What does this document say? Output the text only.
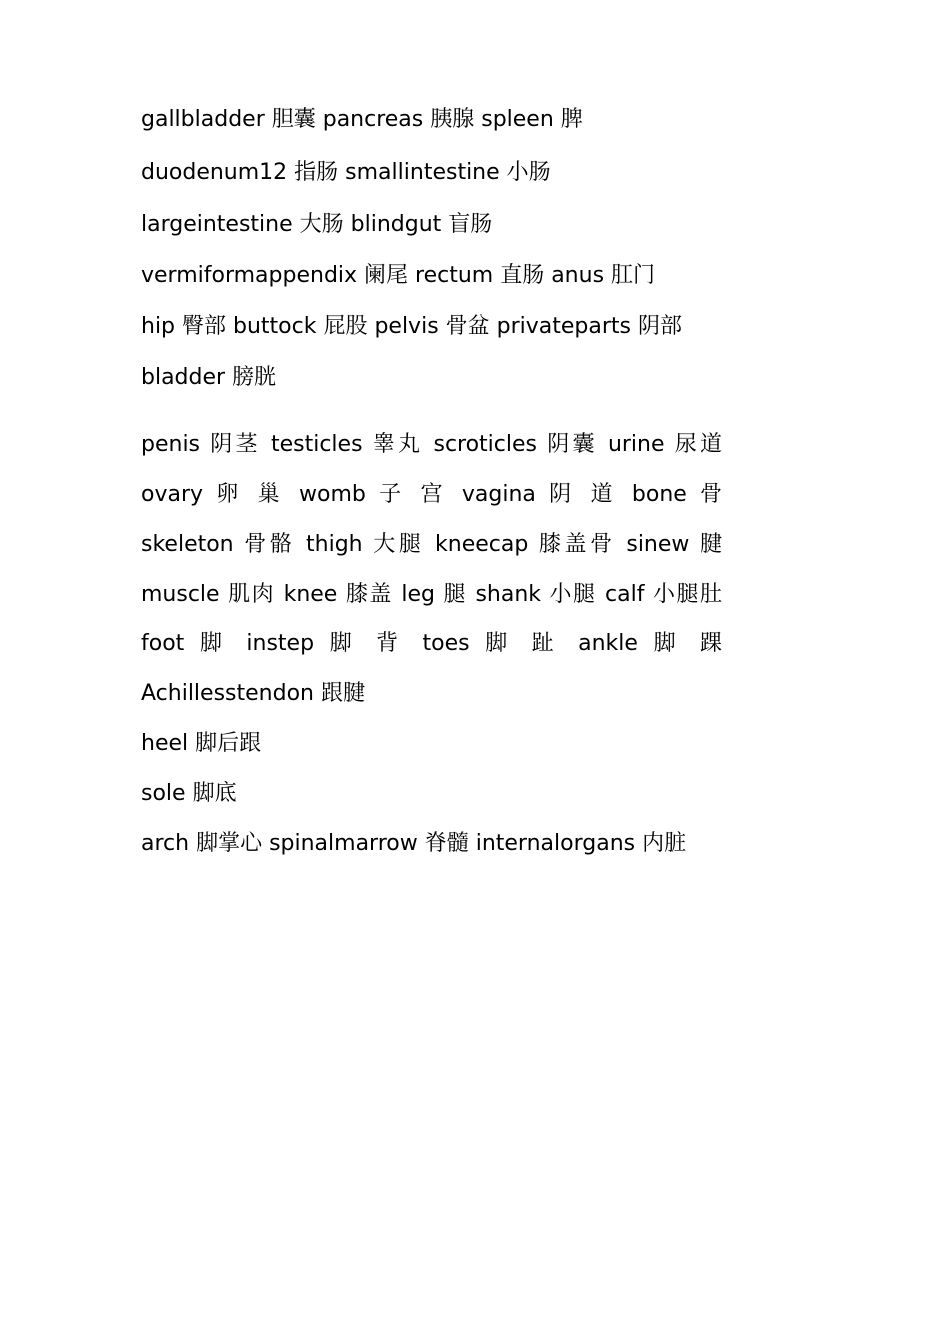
gallbladder 胆囊 pancreas 胰腺 spleen 脾
duodenum12 指肠 smallintestine 小肠
largeintestine 大肠 blindgut 盲肠
vermiformappendix 阑尾 rectum 直肠 anus 肛门
hip 臀部 buttock 屁股 pelvis 骨盆 privateparts 阴部
bladder 膀胱
penis 阴茎 testicles 睾丸 scroticles 阴囊 urine 尿道
ovary 卵 巢 womb 子 宫 vagina 阴 道 bone 骨
skeleton 骨骼 thigh 大腿 kneecap 膝盖骨 sinew 腱
muscle 肌肉 knee 膝盖 leg 腿 shank 小腿 calf 小腿肚
foot 脚 instep 脚 背 toes 脚 趾 ankle 脚 踝
Achillesstendon 跟腱
heel 脚后跟
sole 脚底
arch 脚掌心 spinalmarrow 脊髓 internalorgans 内脏
